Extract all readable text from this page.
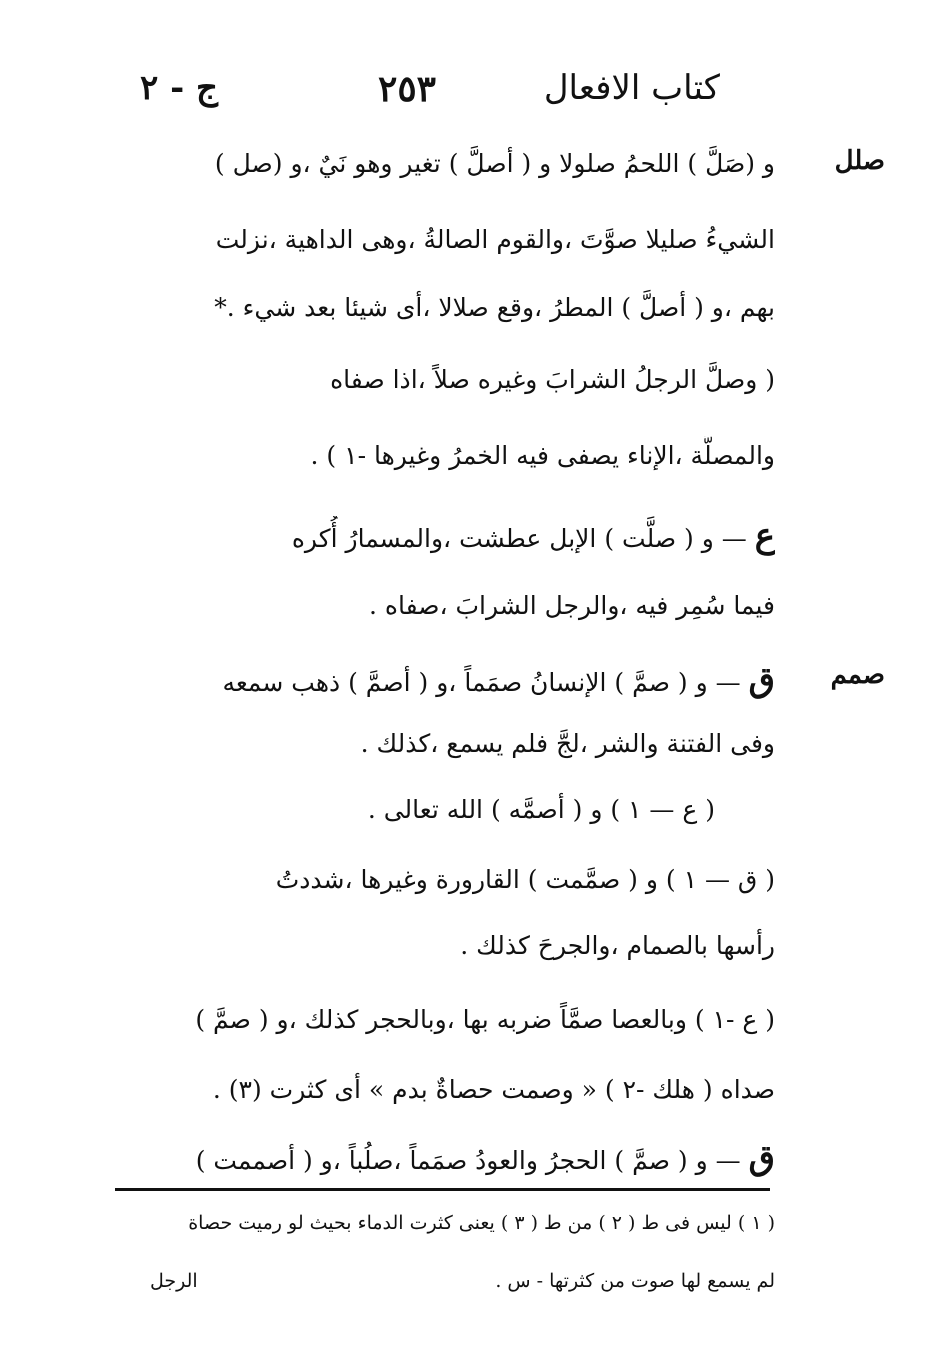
كتاب الافعال
٢٥٣
ج - ٢
صلل
صمم
و (صَلَّ ) اللحمُ صلولا و ( أصلَّ ) تغير وهو نَيٌ ،و (صل )
الشيءُ صليلا صوَّتَ ،والقوم الصالةُ ،وهى الداهية ،نزلت
بهم ،و ( أصلَّ ) المطرُ ،وقع صلالا ،أى شيئا بعد شيء .*
( وصلَّ الرجلُ الشرابَ وغيره صلاً ،اذا صفاه
والمصلَّة ،الإناء يصفى فيه الخمرُ وغيرها -١ ) .
ع — و ( صلَّت ) الإبل عطشت ،والمسمارُ أُكره
فيما سُمِر فيه ،والرجل الشرابَ ،صفاه .
ق — و ( صمَّ ) الإنسانُ صمَماً ،و ( أصمَّ ) ذهب سمعه
وفى الفتنة والشر ،لجَّ فلم يسمع ،كذلك .
( ع — ١ ) و ( أصمَّه ) الله تعالى .
( ق — ١ ) و ( صمَّمت ) القارورة وغيرها ،شددتُ
رأسها بالصمام ،والجرحَ كذلك .
( ع -١ ) وبالعصا صمَّاً ضربه بها ،وبالحجر كذلك ،و ( صمَّ )
صداه ( هلك -٢ ) « وصمت حصاةٌ بدم » أى كثرت (٣) .
ق — و ( صمَّ ) الحجرُ والعودُ صمَماً ،صلُباً ،و ( أصممت )
( ١ ) ليس فى ط ( ٢ ) من ط ( ٣ ) يعنى كثرت الدماء بحيث لو رميت حصاة
لم يسمع لها صوت من كثرتها - س .
الرجل
